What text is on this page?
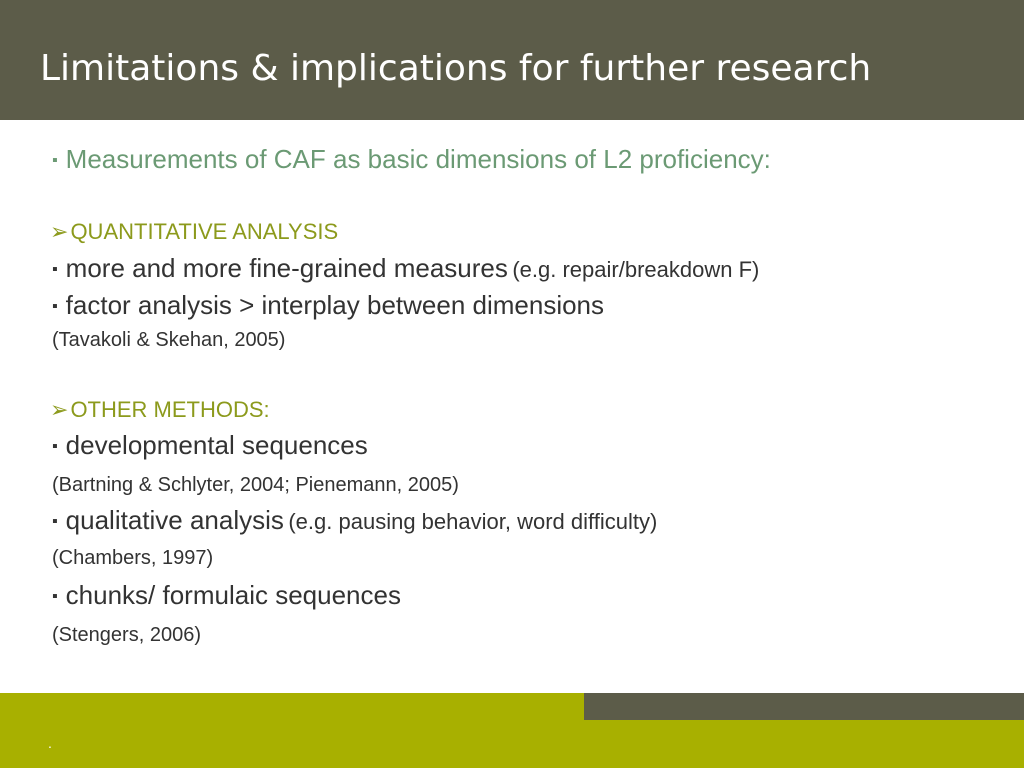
Limitations & implications for further research
▪ Measurements of CAF as basic dimensions of L2 proficiency:
➢QUANTITATIVE ANALYSIS
▪ more and more fine-grained measures (e.g. repair/breakdown F)
▪ factor analysis > interplay between dimensions
(Tavakoli & Skehan, 2005)
➢OTHER METHODS:
▪ developmental sequences
(Bartning & Schlyter, 2004; Pienemann, 2005)
▪ qualitative analysis (e.g. pausing behavior, word difficulty)
(Chambers, 1997)
▪ chunks/ formulaic sequences
(Stengers, 2006)
.
